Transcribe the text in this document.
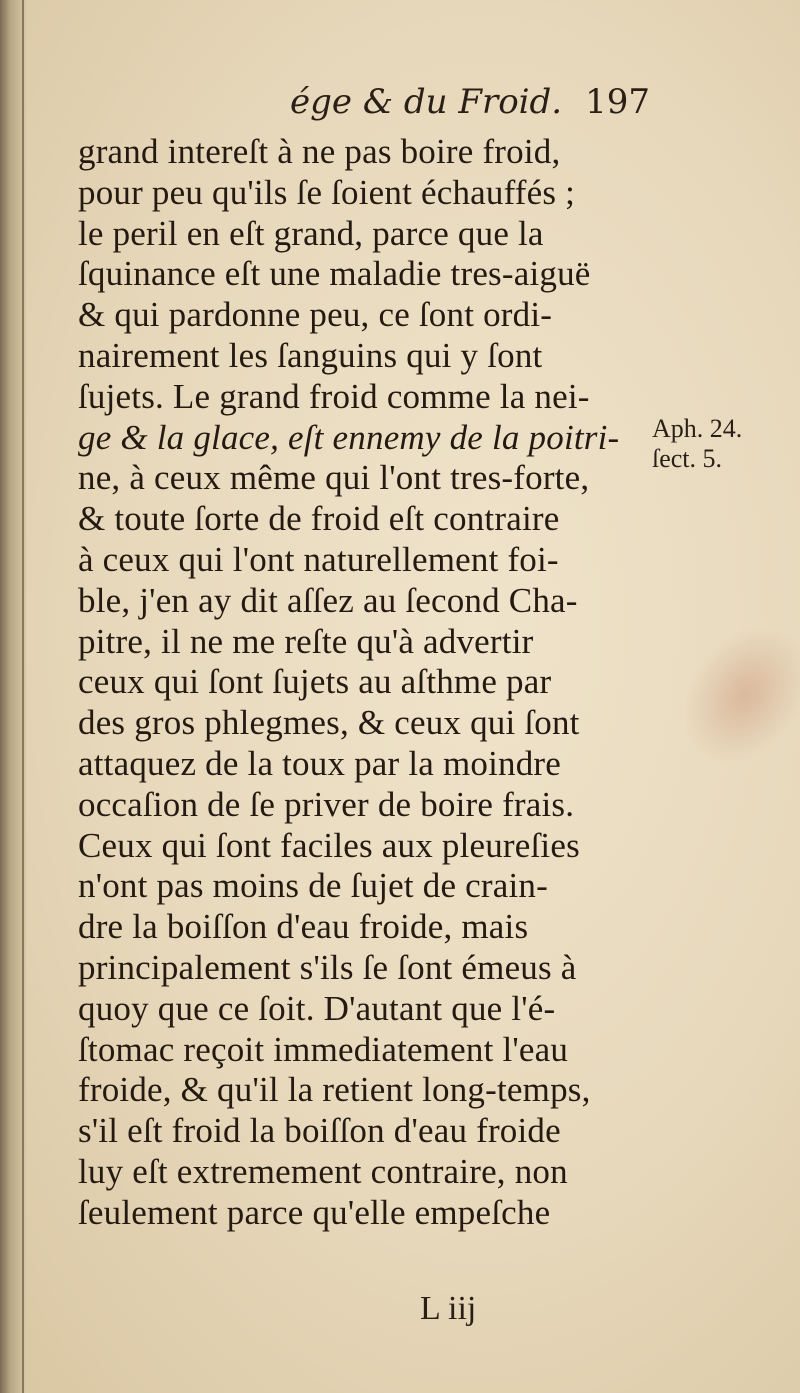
ége & du Froid. 197
grand intereſt à ne pas boire froid,
pour peu qu'ils ſe ſoient échauffés ;
le peril en eſt grand, parce que la
ſquinance eſt une maladie tres-aiguë
& qui pardonne peu, ce ſont ordi-
nairement les ſanguins qui y ſont
ſujets. Le grand froid comme la nei-
ge & la glace, eſt ennemy de la poitri-
ne, à ceux même qui l'ont tres-forte,
& toute ſorte de froid eſt contraire
à ceux qui l'ont naturellement foi-
ble, j'en ay dit aſſez au ſecond Cha-
pitre, il ne me reſte qu'à advertir
ceux qui ſont ſujets au aſthme par
des gros phlegmes, & ceux qui ſont
attaquez de la toux par la moindre
occaſion de ſe priver de boire frais.
Ceux qui ſont faciles aux pleureſies
n'ont pas moins de ſujet de crain-
dre la boiſſon d'eau froide, mais
principalement s'ils ſe ſont émeus à
quoy que ce ſoit. D'autant que l'é-
ſtomac reçoit immediatement l'eau
froide, & qu'il la retient long-temps,
s'il eſt froid la boiſſon d'eau froide
luy eſt extremement contraire, non
ſeulement parce qu'elle empeſche
Aph. 24.
ſect. 5.
L iij
